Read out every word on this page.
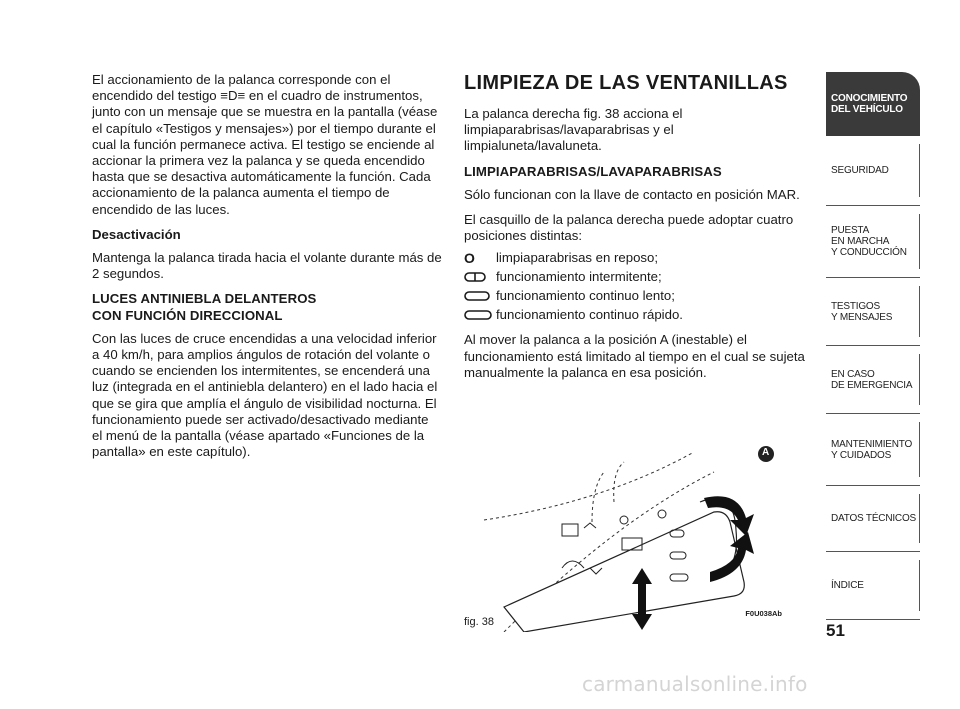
El accionamiento de la palanca corresponde con el encendido del testigo ≡D≡ en el cuadro de instrumentos, junto con un mensaje que se muestra en la pantalla (véase el capítulo «Testigos y mensajes») por el tiempo durante el cual la función permanece activa. El testigo se enciende al accionar la primera vez la palanca y se queda encendido hasta que se desactiva automáticamente la función. Cada accionamiento de la palanca aumenta el tiempo de encendido de las luces.

Desactivación

Mantenga la palanca tirada hacia el volante durante más de 2 segundos.

LUCES ANTINIEBLA DELANTEROS
CON FUNCIÓN DIRECCIONAL

Con las luces de cruce encendidas a una velocidad inferior a 40 km/h, para amplios ángulos de rotación del volante o cuando se encienden los intermitentes, se encenderá una luz (integrada en el antiniebla delantero) en el lado hacia el que se gira que amplía el ángulo de visibilidad nocturna. El funcionamiento puede ser activado/desactivado mediante el menú de la pantalla (véase apartado «Funciones de la pantalla» en este capítulo).

LIMPIEZA DE LAS VENTANILLAS

La palanca derecha fig. 38 acciona el limpiaparabrisas/lavaparabrisas y el limpialuneta/lavaluneta.

LIMPIAPARABRISAS/LAVAPARABRISAS

Sólo funcionan con la llave de contacto en posición MAR.

El casquillo de la palanca derecha puede adoptar cuatro posiciones distintas:

O limpiaparabrisas en reposo;
funcionamiento intermitente;
funcionamiento continuo lento;
funcionamiento continuo rápido.

Al mover la palanca a la posición A (inestable) el funcionamiento está limitado al tiempo en el cual se sujeta manualmente la palanca en esa posición.

A
fig. 38
F0U038Ab
CONOCIMIENTO
DEL VEHÍCULO
SEGURIDAD
PUESTA
EN MARCHA
Y CONDUCCIÓN
TESTIGOS
Y MENSAJES
EN CASO
DE EMERGENCIA
MANTENIMIENTO
Y CUIDADOS
DATOS TÉCNICOS
ÍNDICE
51
carmanualsonline.info
